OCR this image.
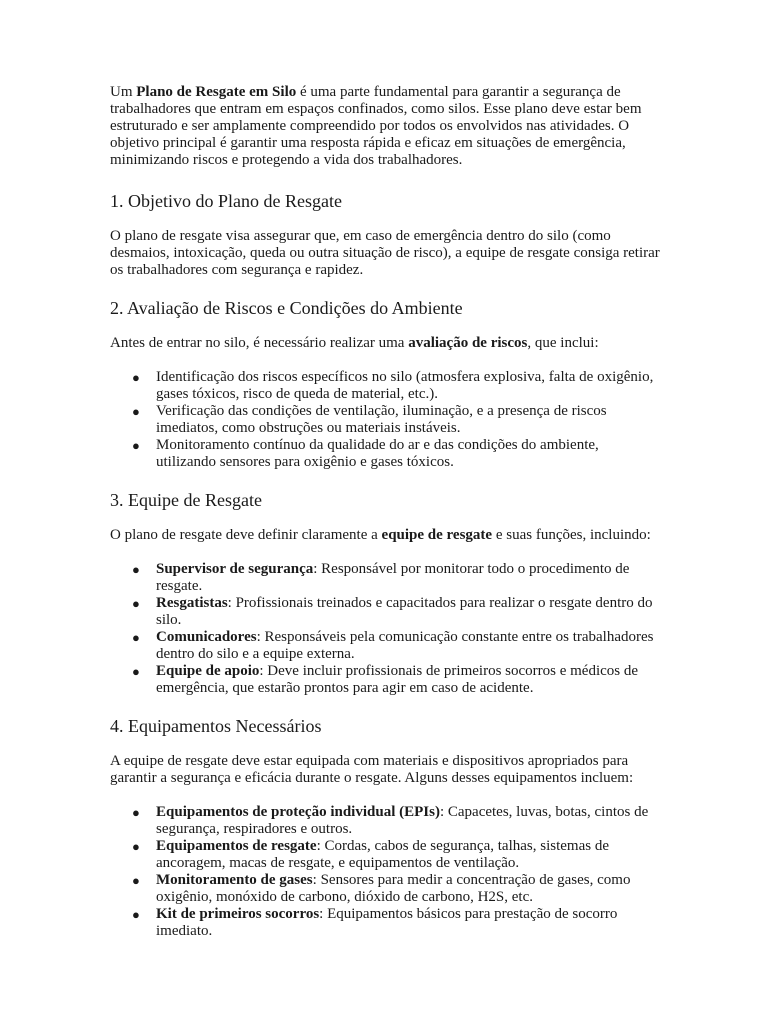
Um Plano de Resgate em Silo é uma parte fundamental para garantir a segurança de trabalhadores que entram em espaços confinados, como silos. Esse plano deve estar bem estruturado e ser amplamente compreendido por todos os envolvidos nas atividades. O objetivo principal é garantir uma resposta rápida e eficaz em situações de emergência, minimizando riscos e protegendo a vida dos trabalhadores.

1. Objetivo do Plano de Resgate

O plano de resgate visa assegurar que, em caso de emergência dentro do silo (como desmaios, intoxicação, queda ou outra situação de risco), a equipe de resgate consiga retirar os trabalhadores com segurança e rapidez.

2. Avaliação de Riscos e Condições do Ambiente

Antes de entrar no silo, é necessário realizar uma avaliação de riscos, que inclui:

● Identificação dos riscos específicos no silo (atmosfera explosiva, falta de oxigênio, gases tóxicos, risco de queda de material, etc.).
● Verificação das condições de ventilação, iluminação, e a presença de riscos imediatos, como obstruções ou materiais instáveis.
● Monitoramento contínuo da qualidade do ar e das condições do ambiente, utilizando sensores para oxigênio e gases tóxicos.
3. Equipe de Resgate

O plano de resgate deve definir claramente a equipe de resgate e suas funções, incluindo:

● Supervisor de segurança: Responsável por monitorar todo o procedimento de resgate.
● Resgatistas: Profissionais treinados e capacitados para realizar o resgate dentro do silo.
● Comunicadores: Responsáveis pela comunicação constante entre os trabalhadores dentro do silo e a equipe externa.
● Equipe de apoio: Deve incluir profissionais de primeiros socorros e médicos de emergência, que estarão prontos para agir em caso de acidente.
4. Equipamentos Necessários

A equipe de resgate deve estar equipada com materiais e dispositivos apropriados para garantir a segurança e eficácia durante o resgate. Alguns desses equipamentos incluem:

● Equipamentos de proteção individual (EPIs): Capacetes, luvas, botas, cintos de segurança, respiradores e outros.
● Equipamentos de resgate: Cordas, cabos de segurança, talhas, sistemas de ancoragem, macas de resgate, e equipamentos de ventilação.
● Monitoramento de gases: Sensores para medir a concentração de gases, como oxigênio, monóxido de carbono, dióxido de carbono, H2S, etc.
● Kit de primeiros socorros: Equipamentos básicos para prestação de socorro imediato.
